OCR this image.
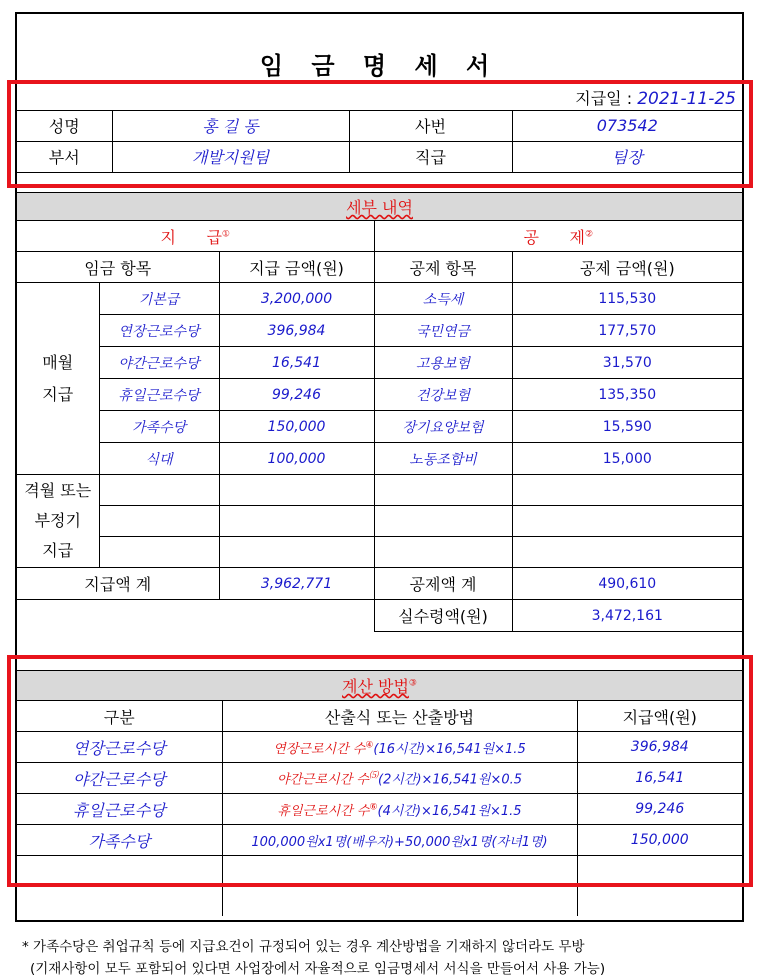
임 금 명 세 서
지급일 : 2021-11-25			
성명	홍 길 동	사번	073542
부서	개발지원팀	직급	팀장
세부 내역				
지      급①			공      제②
임금 항목		지급 금액(원)	공제 항목	공제 금액(원)

매월
지급	기본급	3,200,000	소득세	115,530
	연장근로수당	396,984	국민연금	177,570
	야간근로수당	16,541	고용보험	31,570
	휴일근로수당	99,246	건강보험	135,350
	가족수당	150,000	장기요양보험	15,590
	식대	100,000	노동조합비	15,000

격월 또는
부정기
지급				

지급액 계		3,962,771	공제액 계	490,610
			실수령액(원)	3,472,161
계산 방법③
구분	산출식 또는 산출방법	지급액(원)
연장근로수당	연장근로시간 수④(16시간)×16,541원×1.5	396,984
야간근로수당	야간근로시간 수⑸(2시간)×16,541원×0.5	16,541
휴일근로수당	휴일근로시간 수⑥(4시간)×16,541원×1.5	99,246
가족수당	100,000원x1명(배우자)+50,000원x1명(자녀1명)	150,000

* 가족수당은 취업규칙 등에 지급요건이 규정되어 있는 경우 계산방법을 기재하지 않더라도 무방
(기재사항이 모두 포함되어 있다면 사업장에서 자율적으로 임금명세서 서식을 만들어서 사용 가능)
